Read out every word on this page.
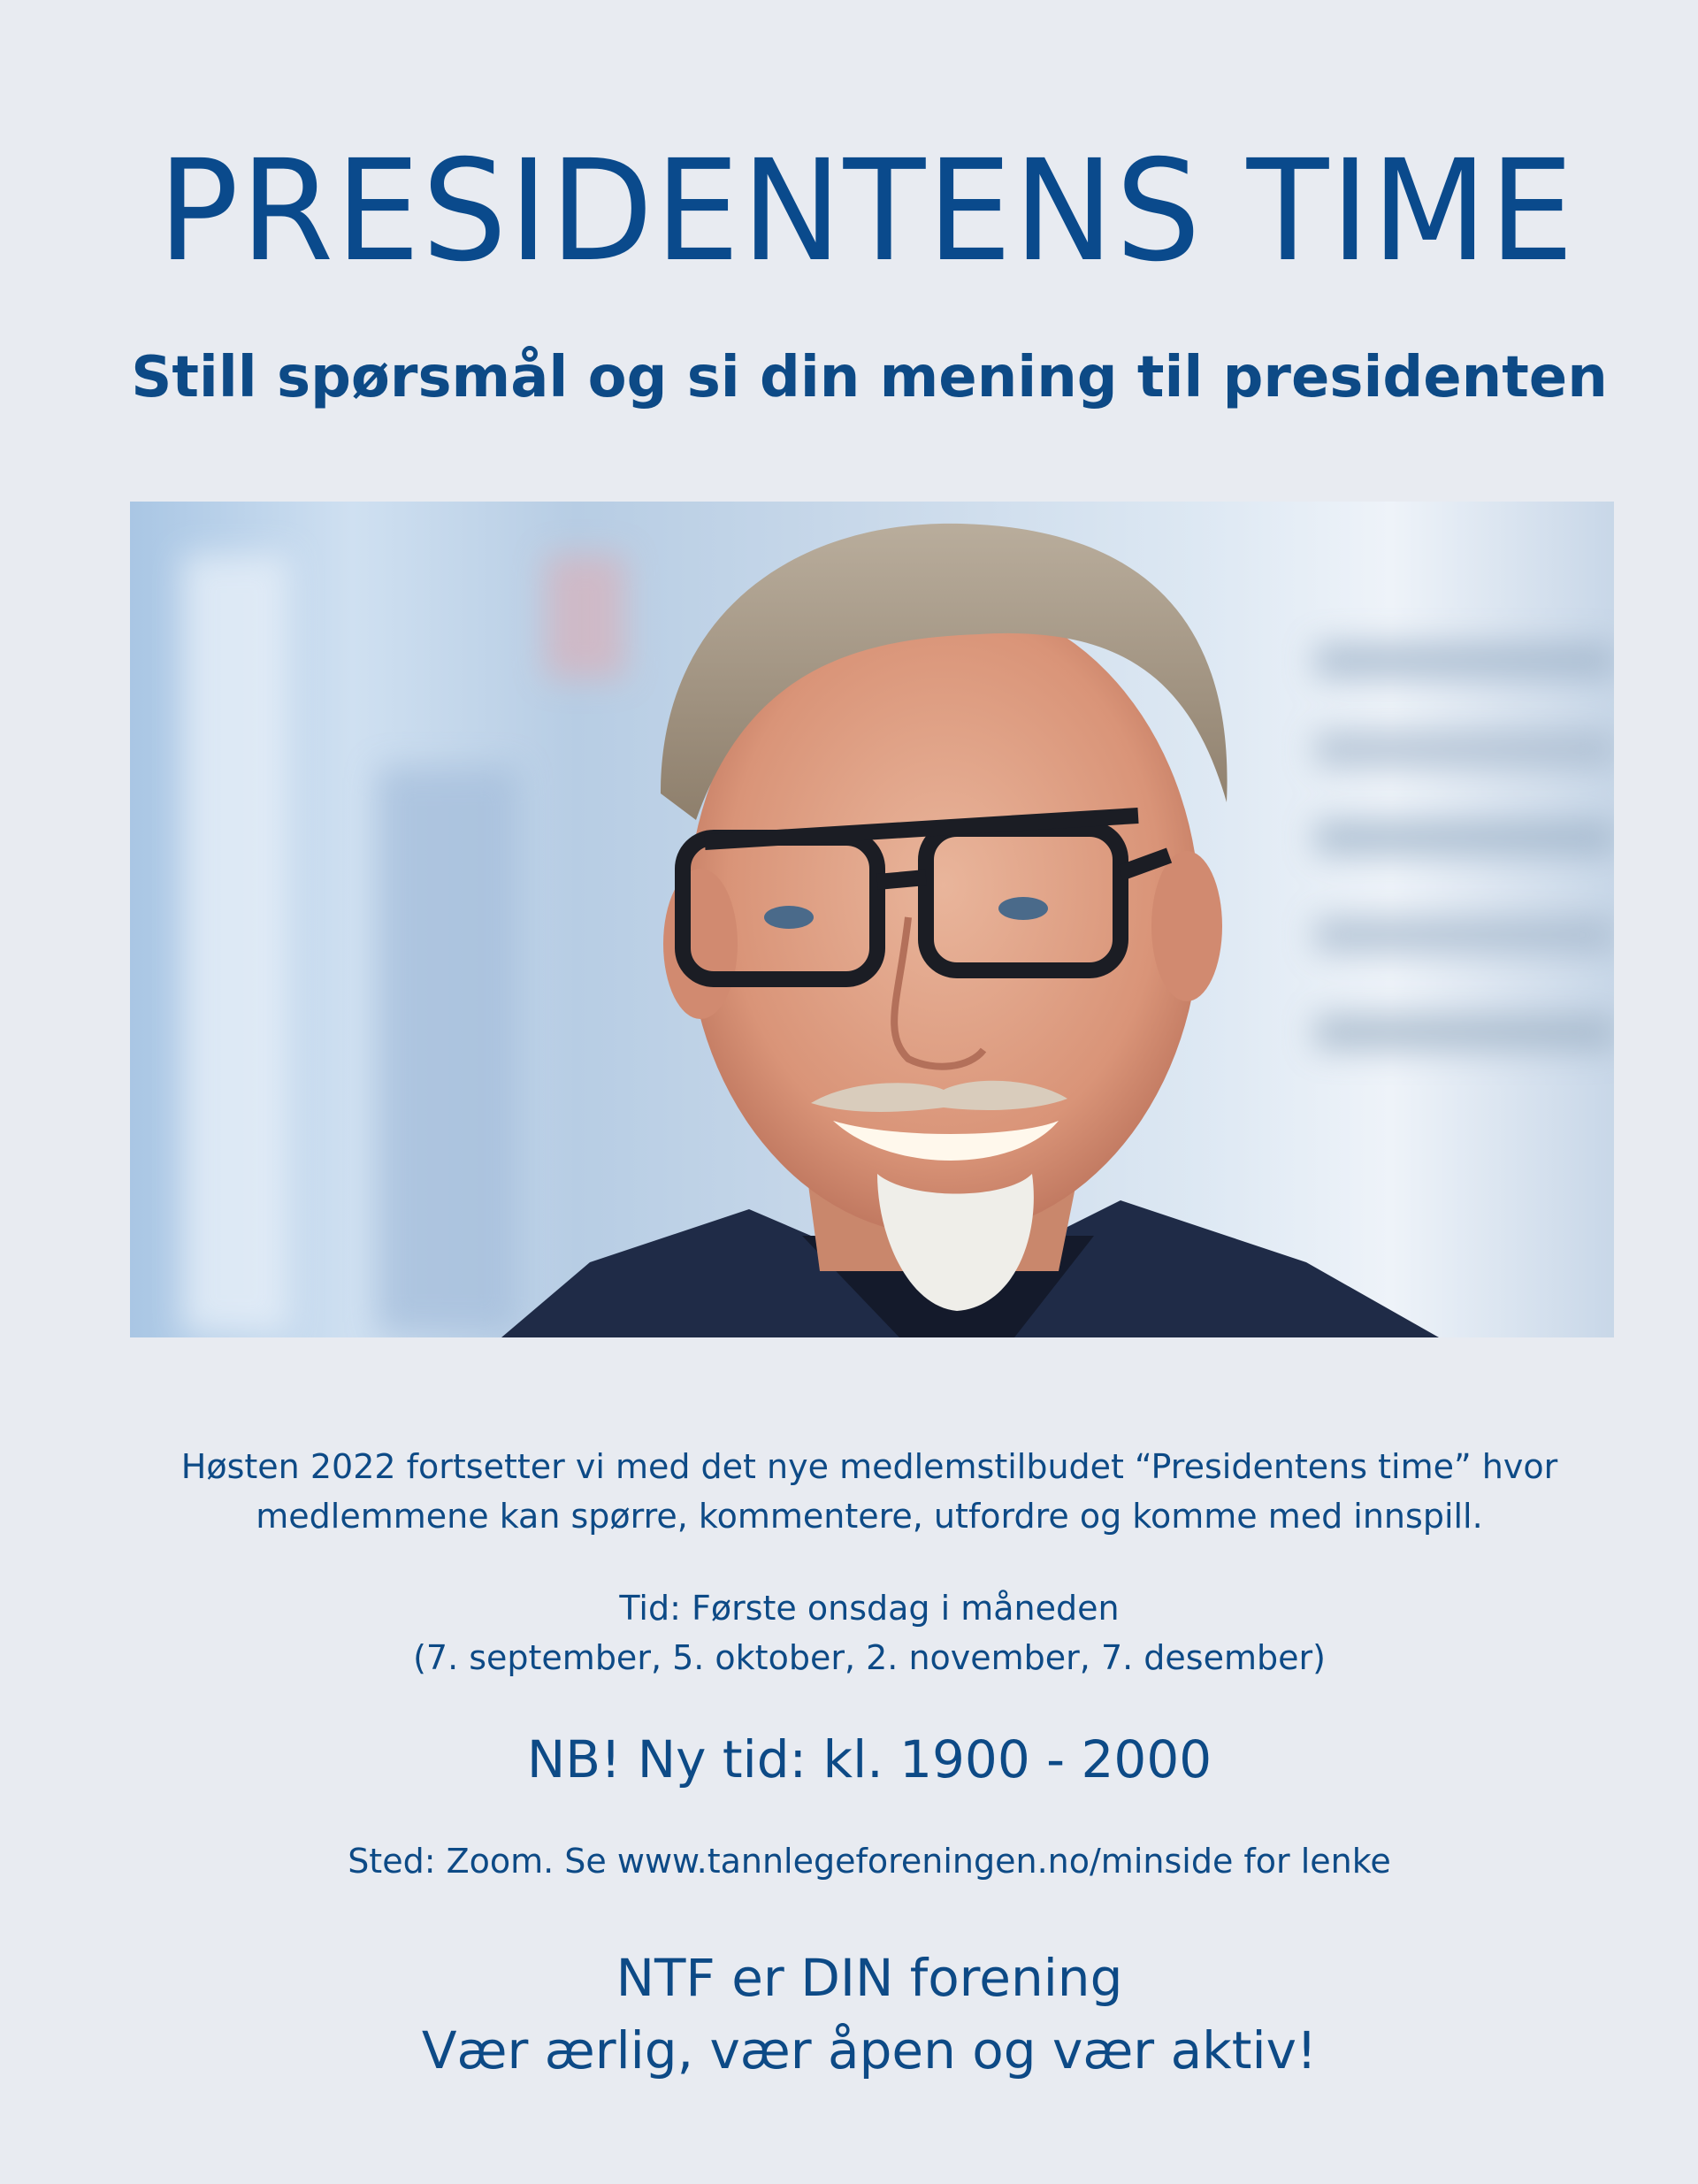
PRESIDENTENS TIME
Still spørsmål og si din mening til presidenten

Høsten 2022 fortsetter vi med det nye medlemstilbudet “Presidentens time” hvor
medlemmene kan spørre, kommentere, utfordre og komme med innspill.

Tid: Første onsdag i måneden
(7. september, 5. oktober, 2. november, 7. desember)

NB! Ny tid: kl. 1900 - 2000

Sted: Zoom. Se www.tannlegeforeningen.no/minside for lenke

NTF er DIN forening
Vær ærlig, vær åpen og vær aktiv!
